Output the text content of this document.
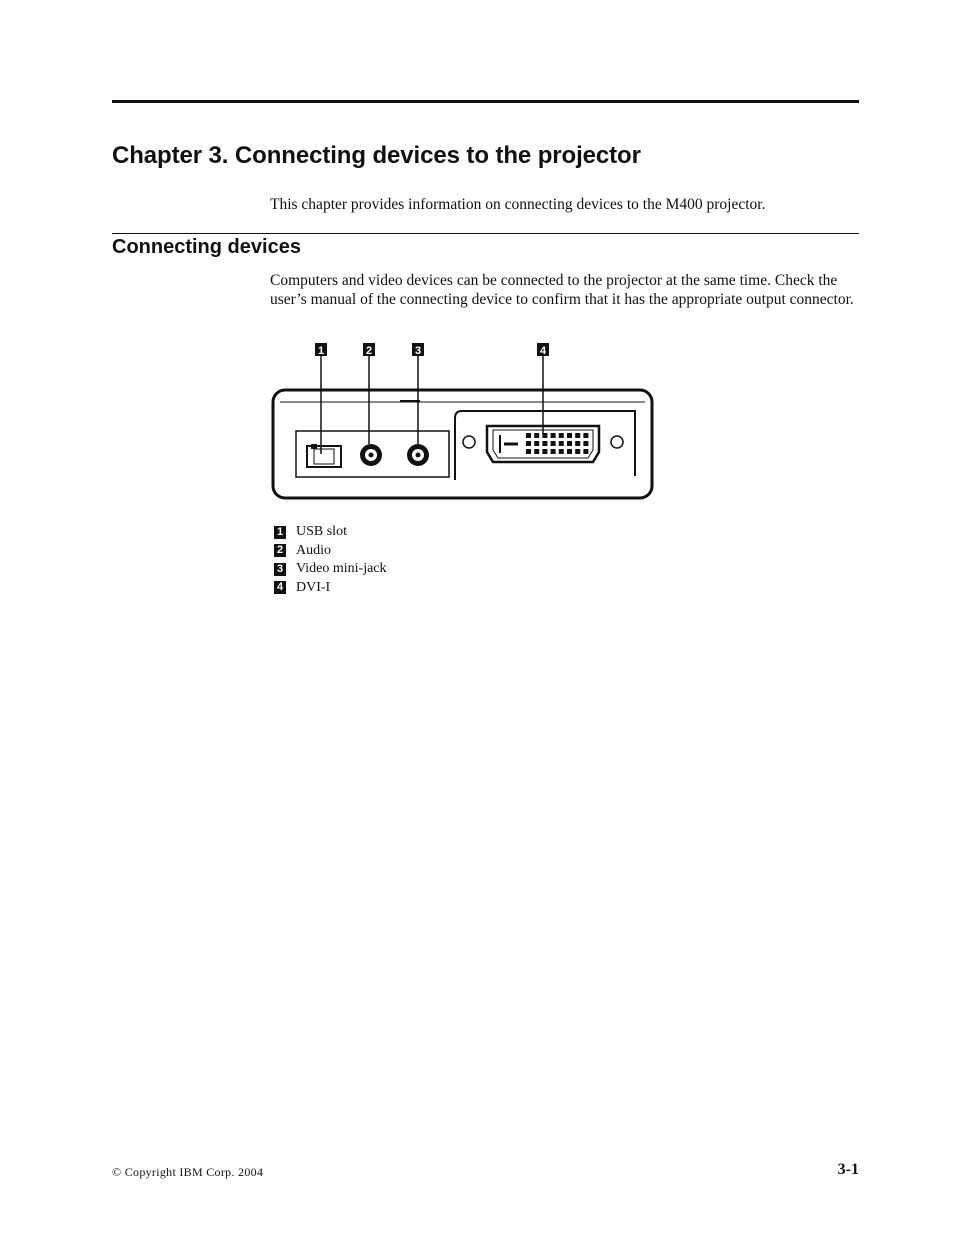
Chapter 3. Connecting devices to the projector

This chapter provides information on connecting devices to the M400 projector.

Connecting devices

Computers and video devices can be connected to the projector at the same time. Check the user’s manual of the connecting device to confirm that it has the appropriate output connector.

1	2	3	4
1 USB slot
2 Audio
3 Video mini-jack
4 DVI-I
© Copyright IBM Corp. 2004	3-1
